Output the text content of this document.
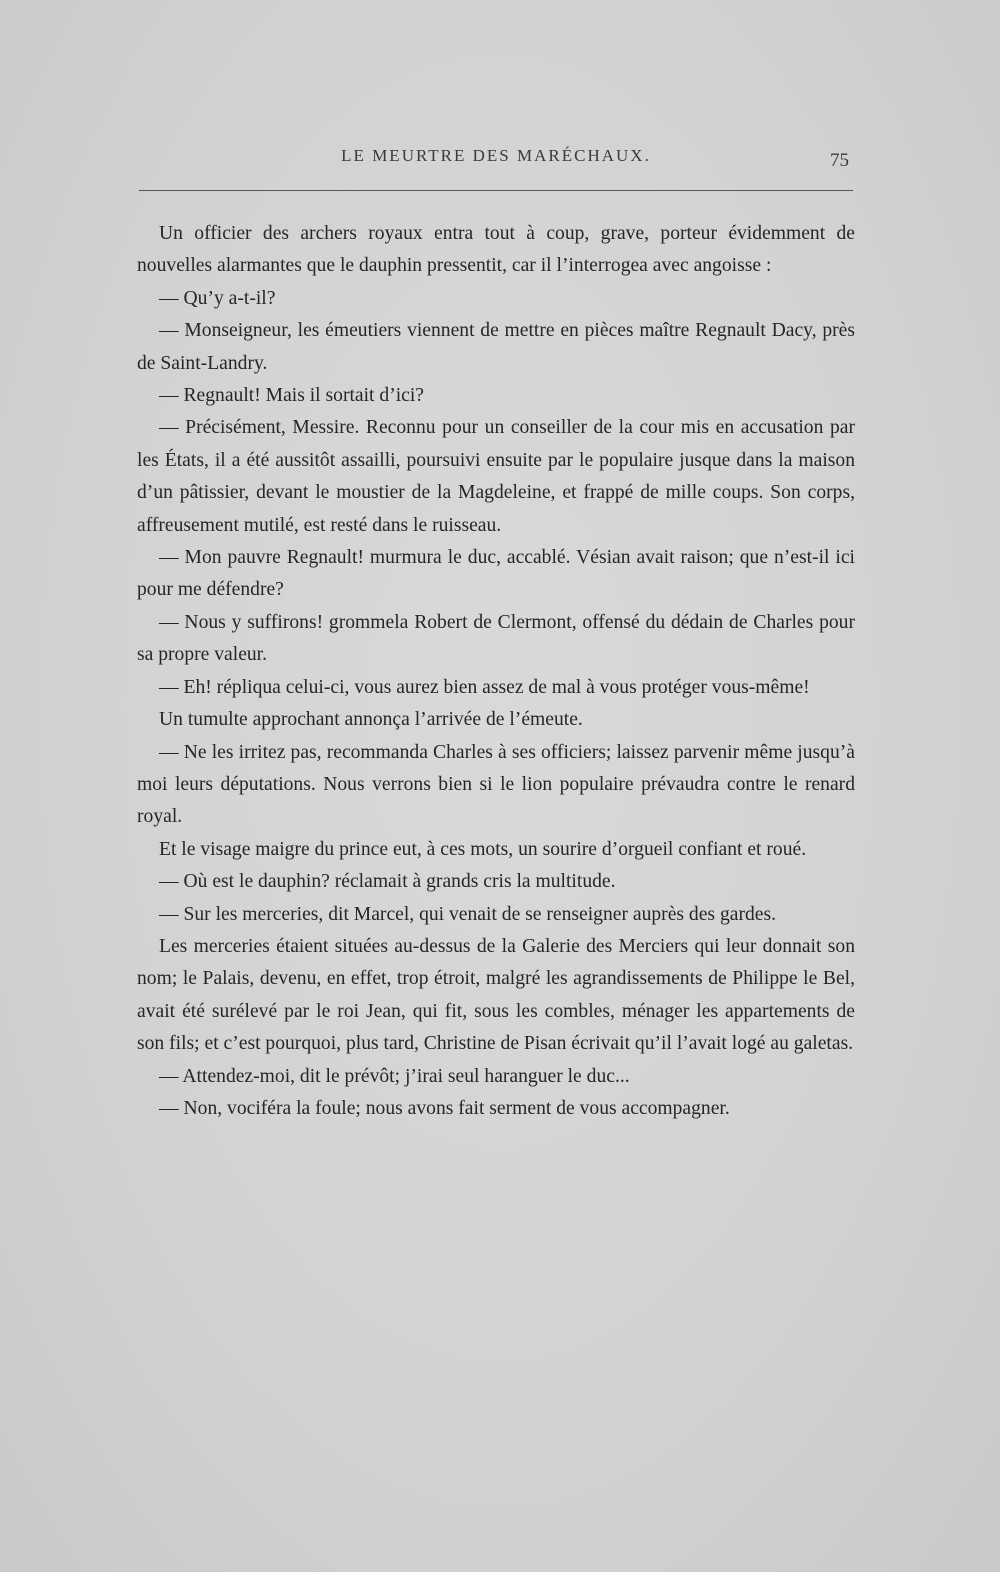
LE MEURTRE DES MARÉCHAUX.	75

Un officier des archers royaux entra tout à coup, grave, porteur évidemment de nouvelles alarmantes que le dauphin pressentit, car il l’interrogea avec angoisse :

— Qu’y a-t-il?

— Monseigneur, les émeutiers viennent de mettre en pièces maître Regnault Dacy, près de Saint-Landry.

— Regnault! Mais il sortait d’ici?

— Précisément, Messire. Reconnu pour un conseiller de la cour mis en accusation par les États, il a été aussitôt assailli, poursuivi ensuite par le populaire jusque dans la maison d’un pâtissier, devant le moustier de la Magdeleine, et frappé de mille coups. Son corps, affreusement mutilé, est resté dans le ruisseau.

— Mon pauvre Regnault! murmura le duc, accablé. Vésian avait raison; que n’est-il ici pour me défendre?

— Nous y suffirons! grommela Robert de Clermont, offensé du dédain de Charles pour sa propre valeur.

— Eh! répliqua celui-ci, vous aurez bien assez de mal à vous protéger vous-même!

Un tumulte approchant annonça l’arrivée de l’émeute.

— Ne les irritez pas, recommanda Charles à ses officiers; laissez parvenir même jusqu’à moi leurs députations. Nous verrons bien si le lion populaire prévaudra contre le renard royal.

Et le visage maigre du prince eut, à ces mots, un sourire d’orgueil confiant et roué.

— Où est le dauphin? réclamait à grands cris la multitude.

— Sur les merceries, dit Marcel, qui venait de se renseigner auprès des gardes.

Les merceries étaient situées au-dessus de la Galerie des Merciers qui leur donnait son nom; le Palais, devenu, en effet, trop étroit, malgré les agrandissements de Philippe le Bel, avait été surélevé par le roi Jean, qui fit, sous les combles, ménager les appartements de son fils; et c’est pourquoi, plus tard, Christine de Pisan écrivait qu’il l’avait logé au galetas.

— Attendez-moi, dit le prévôt; j’irai seul haranguer le duc...

— Non, vociféra la foule; nous avons fait serment de vous accompagner.
